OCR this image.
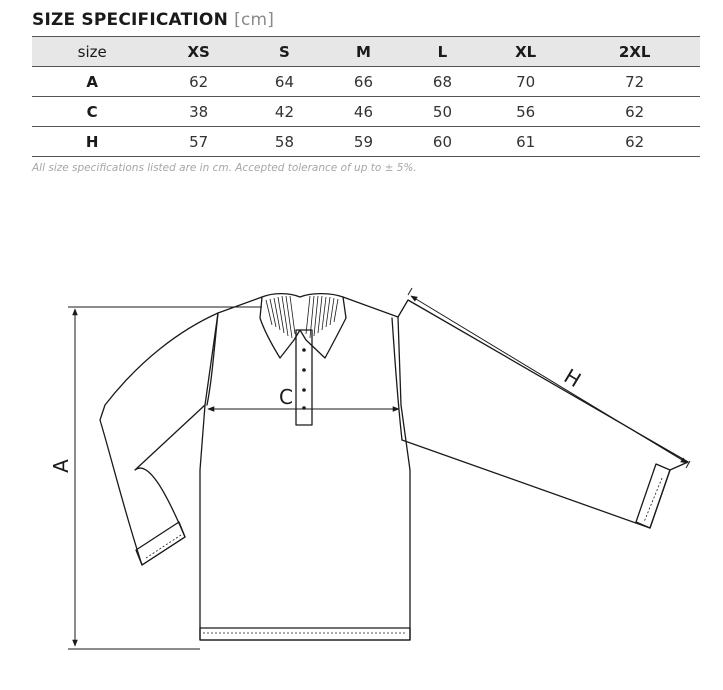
SIZE SPECIFICATION [cm]
size	XS	S	M	L	XL	2XL
A	62	64	66	68	70	72
C	38	42	46	50	56	62
H	57	58	59	60	61	62
All size specifications listed are in cm. Accepted tolerance of up to ± 5%.
A
C
H
